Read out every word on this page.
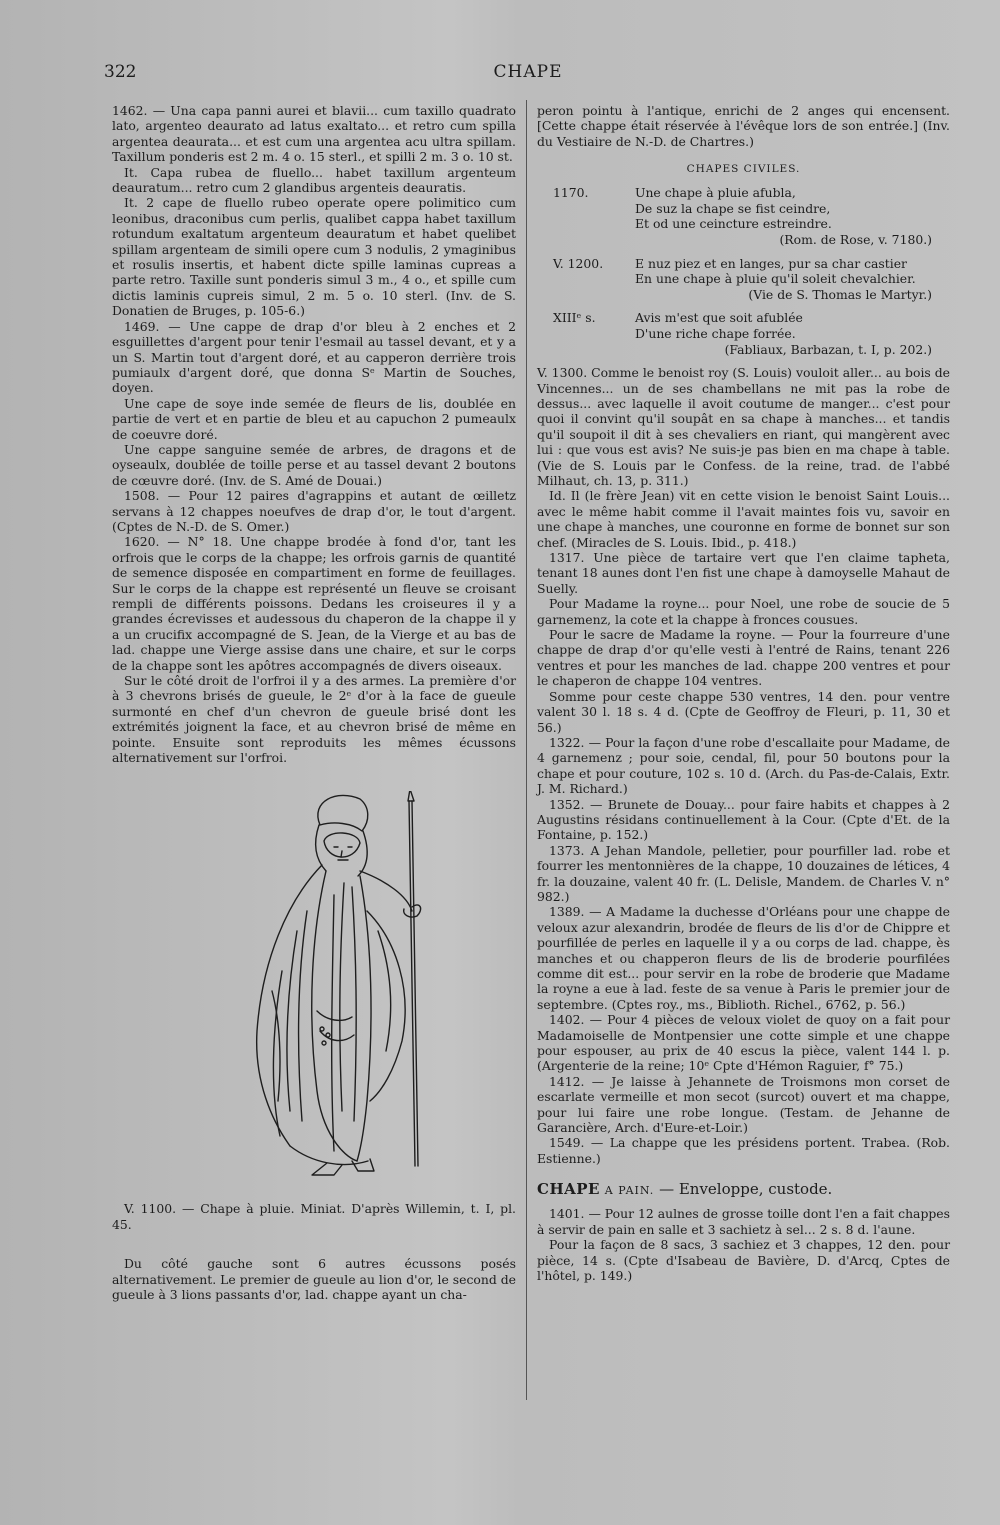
322	CHAPE

1462. — Una capa panni aurei et blavii... cum taxillo quadrato lato, argenteo deaurato ad latus exaltato... et retro cum spilla argentea deaurata... et est cum una argentea acu ultra spillam. Taxillum ponderis est 2 m. 4 o. 15 sterl., et spilli 2 m. 3 o. 10 st.

It. Capa rubea de fluello... habet taxillum argenteum deauratum... retro cum 2 glandibus argenteis deauratis.

It. 2 cape de fluello rubeo operate opere polimitico cum leonibus, draconibus cum perlis, qualibet cappa habet taxillum rotundum exaltatum argenteum deauratum et habet quelibet spillam argenteam de simili opere cum 3 nodulis, 2 ymaginibus et rosulis insertis, et habent dicte spille laminas cupreas a parte retro. Taxille sunt ponderis simul 3 m., 4 o., et spille cum dictis laminis cupreis simul, 2 m. 5 o. 10 sterl. (Inv. de S. Donatien de Bruges, p. 105-6.)

1469. — Une cappe de drap d'or bleu à 2 enches et 2 esguillettes d'argent pour tenir l'esmail au tassel devant, et y a un S. Martin tout d'argent doré, et au capperon derrière trois pumiaulx d'argent doré, que donna Sᵉ Martin de Souches, doyen.

Une cape de soye inde semée de fleurs de lis, doublée en partie de vert et en partie de bleu et au capuchon 2 pumeaulx de coeuvre doré.

Une cappe sanguine semée de arbres, de dragons et de oyseaulx, doublée de toille perse et au tassel devant 2 boutons de cœuvre doré. (Inv. de S. Amé de Douai.)

1508. — Pour 12 paires d'agrappins et autant de œilletz servans à 12 chappes noeufves de drap d'or, le tout d'argent. (Cptes de N.-D. de S. Omer.)

1620. — N° 18. Une chappe brodée à fond d'or, tant les orfrois que le corps de la chappe; les orfrois garnis de quantité de semence disposée en compartiment en forme de feuillages. Sur le corps de la chappe est représenté un fleuve se croisant rempli de différents poissons. Dedans les croiseures il y a grandes écrevisses et audessous du chaperon de la chappe il y a un crucifix accompagné de S. Jean, de la Vierge et au bas de lad. chappe une Vierge assise dans une chaire, et sur le corps de la chappe sont les apôtres accompagnés de divers oiseaux.

Sur le côté droit de l'orfroi il y a des armes. La première d'or à 3 chevrons brisés de gueule, le 2ᵉ d'or à la face de gueule surmonté en chef d'un chevron de gueule brisé dont les extrémités joignent la face, et au chevron brisé de même en pointe. Ensuite sont reproduits les mêmes écussons alternativement sur l'orfroi.

V. 1100. — Chape à pluie. Miniat. D'après Willemin, t. I, pl. 45.

Du côté gauche sont 6 autres écussons posés alternativement. Le premier de gueule au lion d'or, le second de gueule à 3 lions passants d'or, lad. chappe ayant un cha-

peron pointu à l'antique, enrichi de 2 anges qui encensent. [Cette chappe était réservée à l'évêque lors de son entrée.] (Inv. du Vestiaire de N.-D. de Chartres.)

CHAPES CIVILES.
1170.	Une chape à pluie afubla,
De suz la chape se fist ceindre,
Et od une ceincture estreindre.
(Rom. de Rose, v. 7180.)
V. 1200.	E nuz piez et en langes, pur sa char castier
En une chape à pluie qu'il soleit chevalchier.
(Vie de S. Thomas le Martyr.)
XIIIᵉ s.	Avis m'est que soit afublée
D'une riche chape forrée.
(Fabliaux, Barbazan, t. I, p. 202.)

V. 1300. Comme le benoist roy (S. Louis) vouloit aller... au bois de Vincennes... un de ses chambellans ne mit pas la robe de dessus... avec laquelle il avoit coutume de manger... c'est pour quoi il convint qu'il soupât en sa chape à manches... et tandis qu'il soupoit il dit à ses chevaliers en riant, qui mangèrent avec lui : que vous est avis? Ne suis-je pas bien en ma chape à table. (Vie de S. Louis par le Confess. de la reine, trad. de l'abbé Milhaut, ch. 13, p. 311.)

Id. Il (le frère Jean) vit en cette vision le benoist Saint Louis... avec le même habit comme il l'avait maintes fois vu, savoir en une chape à manches, une couronne en forme de bonnet sur son chef. (Miracles de S. Louis. Ibid., p. 418.)

1317. Une pièce de tartaire vert que l'en claime tapheta, tenant 18 aunes dont l'en fist une chape à damoyselle Mahaut de Suelly.

Pour Madame la royne... pour Noel, une robe de soucie de 5 garnemenz, la cote et la chappe à fronces cousues.

Pour le sacre de Madame la royne. — Pour la fourreure d'une chappe de drap d'or qu'elle vesti à l'entré de Rains, tenant 226 ventres et pour les manches de lad. chappe 200 ventres et pour le chaperon de chappe 104 ventres.

Somme pour ceste chappe 530 ventres, 14 den. pour ventre valent 30 l. 18 s. 4 d. (Cpte de Geoffroy de Fleuri, p. 11, 30 et 56.)

1322. — Pour la façon d'une robe d'escallaite pour Madame, de 4 garnemenz ; pour soie, cendal, fil, pour 50 boutons pour la chape et pour couture, 102 s. 10 d. (Arch. du Pas-de-Calais, Extr. J. M. Richard.)

1352. — Brunete de Douay... pour faire habits et chappes à 2 Augustins résidans continuellement à la Cour. (Cpte d'Et. de la Fontaine, p. 152.)

1373. A Jehan Mandole, pelletier, pour pourfiller lad. robe et fourrer les mentonnières de la chappe, 10 douzaines de létices, 4 fr. la douzaine, valent 40 fr. (L. Delisle, Mandem. de Charles V. n° 982.)

1389. — A Madame la duchesse d'Orléans pour une chappe de veloux azur alexandrin, brodée de fleurs de lis d'or de Chippre et pourfillée de perles en laquelle il y a ou corps de lad. chappe, ès manches et ou chapperon fleurs de lis de broderie pourfilées comme dit est... pour servir en la robe de broderie que Madame la royne a eue à lad. feste de sa venue à Paris le premier jour de septembre. (Cptes roy., ms., Biblioth. Richel., 6762, p. 56.)

1402. — Pour 4 pièces de veloux violet de quoy on a fait pour Madamoiselle de Montpensier une cotte simple et une chappe pour espouser, au prix de 40 escus la pièce, valent 144 l. p. (Argenterie de la reine; 10ᵉ Cpte d'Hémon Raguier, f° 75.)

1412. — Je laisse à Jehannete de Troismons mon corset de escarlate vermeille et mon secot (surcot) ouvert et ma chappe, pour lui faire une robe longue. (Testam. de Jehanne de Garancière, Arch. d'Eure-et-Loir.)

1549. — La chappe que les présidens portent. Trabea. (Rob. Estienne.)

CHAPE A PAIN. — Enveloppe, custode.

1401. — Pour 12 aulnes de grosse toille dont l'en a fait chappes à servir de pain en salle et 3 sachietz à sel... 2 s. 8 d. l'aune.

Pour la façon de 8 sacs, 3 sachiez et 3 chappes, 12 den. pour pièce, 14 s. (Cpte d'Isabeau de Bavière, D. d'Arcq, Cptes de l'hôtel, p. 149.)
